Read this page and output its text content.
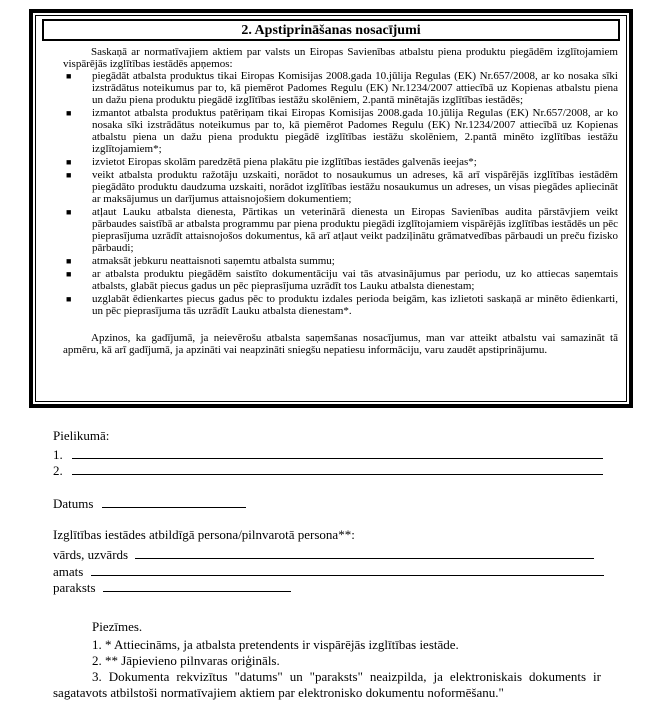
2. Apstiprināšanas nosacījumi

Saskaņā ar normatīvajiem aktiem par valsts un Eiropas Savienības atbalstu piena produktu piegādēm izglītojamiem vispārējās izglītības iestādēs apņemos:

■ piegādāt atbalsta produktus tikai Eiropas Komisijas 2008.gada 10.jūlija Regulas (EK) Nr.657/2008, ar ko nosaka sīki izstrādātus noteikumus par to, kā piemērot Padomes Regulu (EK) Nr.1234/2007 attiecībā uz Kopienas atbalstu piena un dažu piena produktu piegādē izglītības iestāžu skolēniem, 2.pantā minētajās izglītības iestādēs;
■ izmantot atbalsta produktus patēriņam tikai Eiropas Komisijas 2008.gada 10.jūlija Regulas (EK) Nr.657/2008, ar ko nosaka sīki izstrādātus noteikumus par to, kā piemērot Padomes Regulu (EK) Nr.1234/2007 attiecībā uz Kopienas atbalstu piena un dažu piena produktu piegādē izglītības iestāžu skolēniem, 2.pantā minēto izglītības iestāžu izglītojamiem*;
■ izvietot Eiropas skolām paredzētā piena plakātu pie izglītības iestādes galvenās ieejas*;
■ veikt atbalsta produktu ražotāju uzskaiti, norādot to nosaukumus un adreses, kā arī vispārējās izglītības iestādēm piegādāto produktu daudzuma uzskaiti, norādot izglītības iestāžu nosaukumus un adreses, un visas piegādes apliecināt ar maksājumus un darījumus attaisnojošiem dokumentiem;
■ atļaut Lauku atbalsta dienesta, Pārtikas un veterinārā dienesta un Eiropas Savienības audita pārstāvjiem veikt pārbaudes saistībā ar atbalsta programmu par piena produktu piegādi izglītojamiem vispārējās izglītības iestādēs un pēc pieprasījuma uzrādīt attaisnojošos dokumentus, kā arī atļaut veikt padziļinātu grāmatvedības pārbaudi un preču fizisko pārbaudi;
■ atmaksāt jebkuru neattaisnoti saņemtu atbalsta summu;
■ ar atbalsta produktu piegādēm saistīto dokumentāciju vai tās atvasinājumus par periodu, uz ko attiecas saņemtais atbalsts, glabāt piecus gadus un pēc pieprasījuma uzrādīt tos Lauku atbalsta dienestam;
■ uzglabāt ēdienkartes piecus gadus pēc to produktu izdales perioda beigām, kas izlietoti saskaņā ar minēto ēdienkarti, un pēc pieprasījuma tās uzrādīt Lauku atbalsta dienestam*.

Apzinos, ka gadījumā, ja neievērošu atbalsta saņemšanas nosacījumus, man var atteikt atbalstu vai samazināt tā apmēru, kā arī gadījumā, ja apzināti vai neapzināti sniegšu nepatiesu informāciju, varu zaudēt apstiprinājumu.

Pielikumā:
1.
2.
Datums
Izglītības iestādes atbildīgā persona/pilnvarotā persona**:
vārds, uzvārds
amats
paraksts

Piezīmes.

1. * Attiecināms, ja atbalsta pretendents ir vispārējās izglītības iestāde.

2. ** Jāpievieno pilnvaras oriģināls.

3. Dokumenta rekvizītus "datums" un "paraksts" neaizpilda, ja elektroniskais dokuments ir sagatavots atbilstoši normatīvajiem aktiem par elektronisko dokumentu noformēšanu."
